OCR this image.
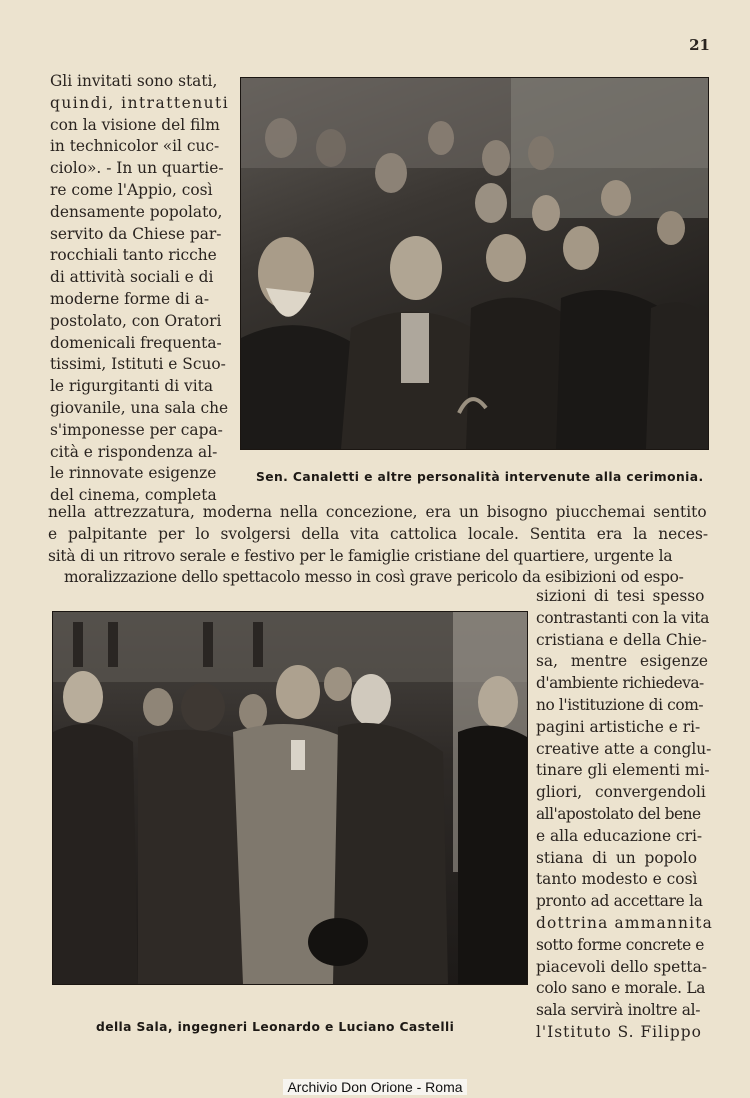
21
Gli invitati sono stati,
quindi, intrattenuti
con la visione del film
in technicolor «il cuc-
ciolo». - In un quartie-
re come l'Appio, così
densamente popolato,
servito da Chiese par-
rocchiali tanto ricche
di attività sociali e di
moderne forme di a-
postolato, con Oratori
domenicali frequenta-
tissimi, Istituti e Scuo-
le rigurgitanti di vita
giovanile, una sala che
s'imponesse per capa-
cità e rispondenza al-
le rinnovate esigenze
del cinema, completa
Sen. Canaletti e altre personalità intervenute alla cerimonia.
nella attrezzatura, moderna nella concezione, era un bisogno piucchemai sentito
e palpitante per lo svolgersi della vita cattolica locale. Sentita era la neces-
sità di un ritrovo serale e festivo per le famiglie cristiane del quartiere, urgente la
moralizzazione dello spettacolo messo in così grave pericolo da esibizioni od espo-
della Sala, ingegneri Leonardo e Luciano Castelli
sizioni di tesi spesso
contrastanti con la vita
cristiana e della Chie-
sa, mentre esigenze
d'ambiente richiedeva-
no l'istituzione di com-
pagini artistiche e ri-
creative atte a conglu-
tinare gli elementi mi-
gliori, convergendoli
all'apostolato del bene
e alla educazione cri-
stiana di un popolo
tanto modesto e così
pronto ad accettare la
dottrina ammannita
sotto forme concrete e
piacevoli dello spetta-
colo sano e morale. La
sala servirà inoltre al-
l'Istituto S. Filippo
Archivio Don Orione - Roma
